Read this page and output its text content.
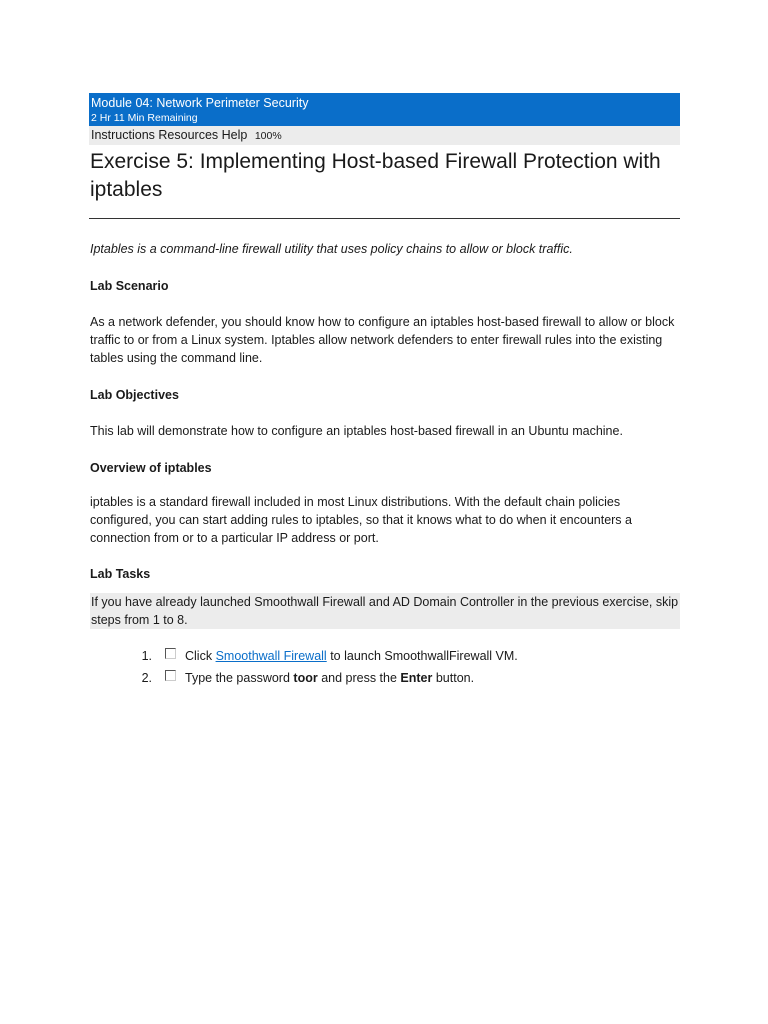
Module 04: Network Perimeter Security
2 Hr 11 Min Remaining
Instructions Resources Help 100%
Exercise 5: Implementing Host-based Firewall Protection with iptables

Iptables is a command-line firewall utility that uses policy chains to allow or block traffic.

Lab Scenario

As a network defender, you should know how to configure an iptables host-based firewall to allow or block traffic to or from a Linux system. Iptables allow network defenders to enter firewall rules into the existing tables using the command line.

Lab Objectives

This lab will demonstrate how to configure an iptables host-based firewall in an Ubuntu machine.

Overview of iptables

iptables is a standard firewall included in most Linux distributions. With the default chain policies configured, you can start adding rules to iptables, so that it knows what to do when it encounters a connection from or to a particular IP address or port.

Lab Tasks

If you have already launched Smoothwall Firewall and AD Domain Controller in the previous exercise, skip steps from 1 to 8.

1.	Click Smoothwall Firewall to launch SmoothwallFirewall VM.
2.	Type the password toor and press the Enter button.
